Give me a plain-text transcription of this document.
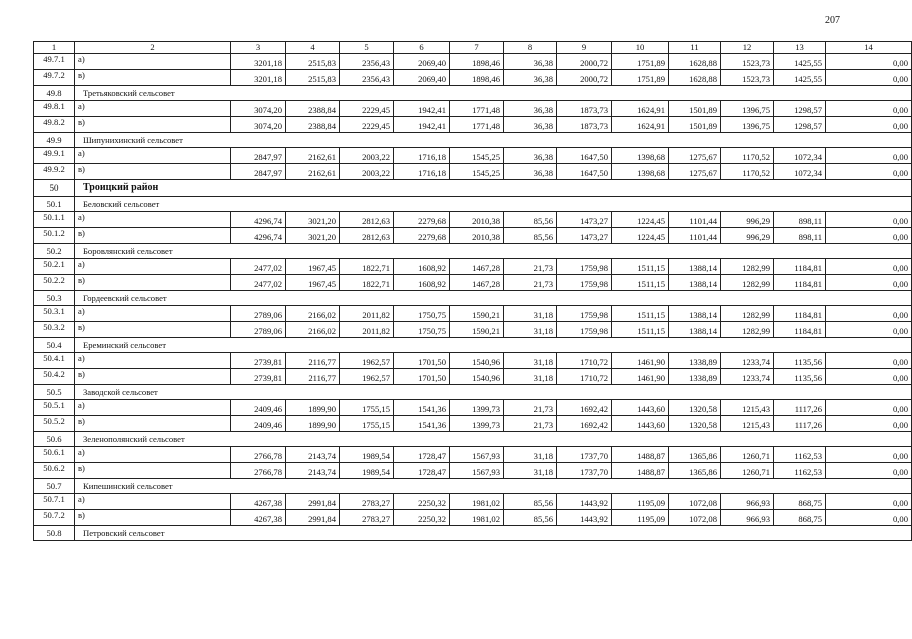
207
1	2	3	4	5	6	7	8	9	10	11	12	13	14
49.7.1	а)	3201,18	2515,83	2356,43	2069,40	1898,46	36,38	2000,72	1751,89	1628,88	1523,73	1425,55	0,00
49.7.2	в)	3201,18	2515,83	2356,43	2069,40	1898,46	36,38	2000,72	1751,89	1628,88	1523,73	1425,55	0,00
49.8	Третьяковский сельсовет												
49.8.1	а)	3074,20	2388,84	2229,45	1942,41	1771,48	36,38	1873,73	1624,91	1501,89	1396,75	1298,57	0,00
49.8.2	в)	3074,20	2388,84	2229,45	1942,41	1771,48	36,38	1873,73	1624,91	1501,89	1396,75	1298,57	0,00
49.9	Шипунихинский сельсовет												
49.9.1	а)	2847,97	2162,61	2003,22	1716,18	1545,25	36,38	1647,50	1398,68	1275,67	1170,52	1072,34	0,00
49.9.2	в)	2847,97	2162,61	2003,22	1716,18	1545,25	36,38	1647,50	1398,68	1275,67	1170,52	1072,34	0,00
50	Троицкий район												
50.1	Беловский сельсовет												
50.1.1	а)	4296,74	3021,20	2812,63	2279,68	2010,38	85,56	1473,27	1224,45	1101,44	996,29	898,11	0,00
50.1.2	в)	4296,74	3021,20	2812,63	2279,68	2010,38	85,56	1473,27	1224,45	1101,44	996,29	898,11	0,00
50.2	Боровлянский сельсовет												
50.2.1	а)	2477,02	1967,45	1822,71	1608,92	1467,28	21,73	1759,98	1511,15	1388,14	1282,99	1184,81	0,00
50.2.2	в)	2477,02	1967,45	1822,71	1608,92	1467,28	21,73	1759,98	1511,15	1388,14	1282,99	1184,81	0,00
50.3	Гордеевский сельсовет												
50.3.1	а)	2789,06	2166,02	2011,82	1750,75	1590,21	31,18	1759,98	1511,15	1388,14	1282,99	1184,81	0,00
50.3.2	в)	2789,06	2166,02	2011,82	1750,75	1590,21	31,18	1759,98	1511,15	1388,14	1282,99	1184,81	0,00
50.4	Ереминский сельсовет												
50.4.1	а)	2739,81	2116,77	1962,57	1701,50	1540,96	31,18	1710,72	1461,90	1338,89	1233,74	1135,56	0,00
50.4.2	в)	2739,81	2116,77	1962,57	1701,50	1540,96	31,18	1710,72	1461,90	1338,89	1233,74	1135,56	0,00
50.5	Заводской сельсовет												
50.5.1	а)	2409,46	1899,90	1755,15	1541,36	1399,73	21,73	1692,42	1443,60	1320,58	1215,43	1117,26	0,00
50.5.2	в)	2409,46	1899,90	1755,15	1541,36	1399,73	21,73	1692,42	1443,60	1320,58	1215,43	1117,26	0,00
50.6	Зеленополянский сельсовет												
50.6.1	а)	2766,78	2143,74	1989,54	1728,47	1567,93	31,18	1737,70	1488,87	1365,86	1260,71	1162,53	0,00
50.6.2	в)	2766,78	2143,74	1989,54	1728,47	1567,93	31,18	1737,70	1488,87	1365,86	1260,71	1162,53	0,00
50.7	Кипешинский сельсовет												
50.7.1	а)	4267,38	2991,84	2783,27	2250,32	1981,02	85,56	1443,92	1195,09	1072,08	966,93	868,75	0,00
50.7.2	в)	4267,38	2991,84	2783,27	2250,32	1981,02	85,56	1443,92	1195,09	1072,08	966,93	868,75	0,00
50.8	Петровский сельсовет												
